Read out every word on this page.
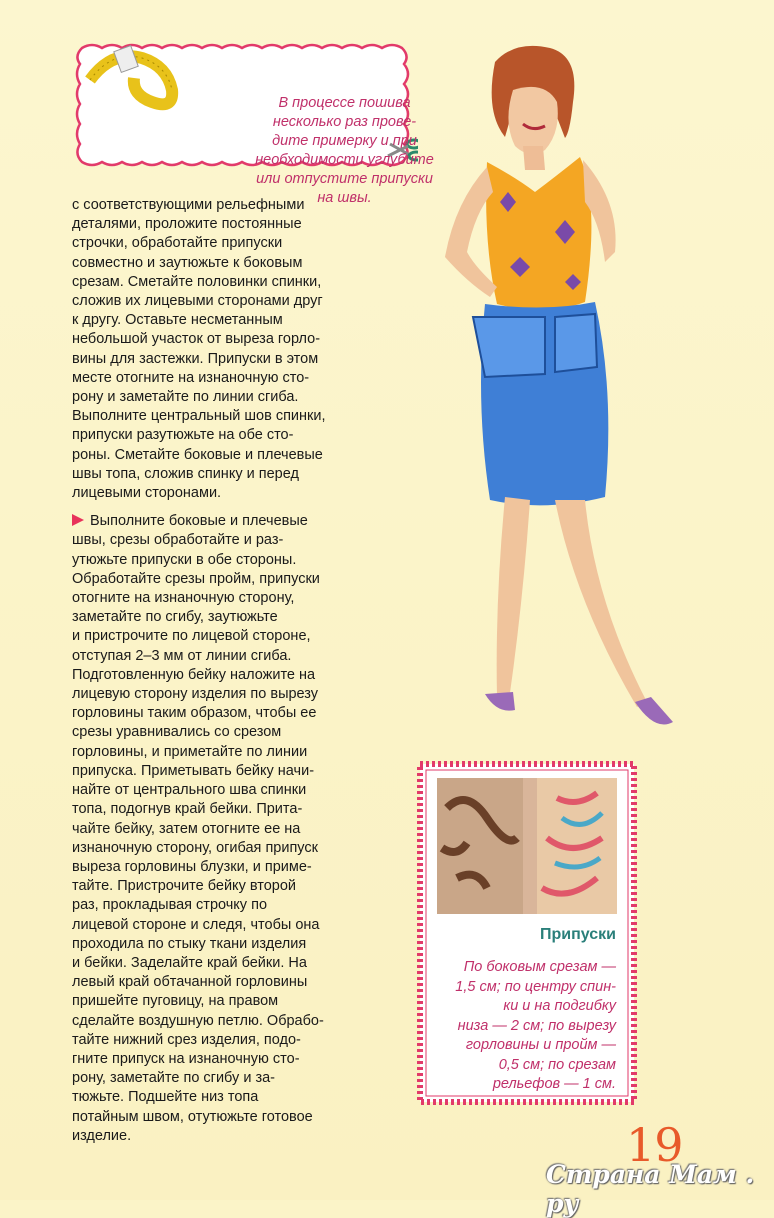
В процессе пошива
несколько раз прове-
дите примерку и при
необходимости углубите
или отпустите припуски
на швы.
с соответствующими рельефными
деталями, проложите постоянные
строчки, обработайте припуски
совместно и заутюжьте к боковым
срезам. Сметайте половинки спинки,
сложив их лицевыми сторонами друг
к другу. Оставьте несметанным
небольшой участок от выреза горло-
вины для застежки. Припуски в этом
месте отогните на изнаночную сто-
рону и заметайте по линии сгиба.
Выполните центральный шов спинки,
припуски разутюжьте на обе сто-
роны. Сметайте боковые и плечевые
швы топа, сложив спинку и перед
лицевыми сторонами.
Выполните боковые и плечевые
швы, срезы обработайте и раз-
утюжьте припуски в обе стороны.
Обработайте срезы пройм, припуски
отогните на изнаночную сторону,
заметайте по сгибу, заутюжьте
и пристрочите по лицевой стороне,
отступая 2–3 мм от линии сгиба.
Подготовленную бейку наложите на
лицевую сторону изделия по вырезу
горловины таким образом, чтобы ее
срезы уравнивались со срезом
горловины, и приметайте по линии
припуска. Приметывать бейку начи-
найте от центрального шва спинки
топа, подогнув край бейки. Прита-
чайте бейку, затем отогните ее на
изнаночную сторону, огибая припуск
выреза горловины блузки, и приме-
тайте. Пристрочите бейку второй
раз, прокладывая строчку по
лицевой стороне и следя, чтобы она
проходила по стыку ткани изделия
и бейки. Заделайте край бейки. На
левый край обтачанной горловины
пришейте пуговицу, на правом
сделайте воздушную петлю. Обрабо-
тайте нижний срез изделия, подо-
гните припуск на изнаночную сто-
рону, заметайте по сгибу и за-
тюжьте. Подшейте низ топа
потайным швом, отутюжьте готовое
изделие.
Припуски
По боковым срезам —
1,5 см; по центру спин-
ки и на подгибку
низа — 2 см; по вырезу
горловины и пройм —
0,5 см; по срезам
рельефов — 1 см.
19
Страна Мам . ру
